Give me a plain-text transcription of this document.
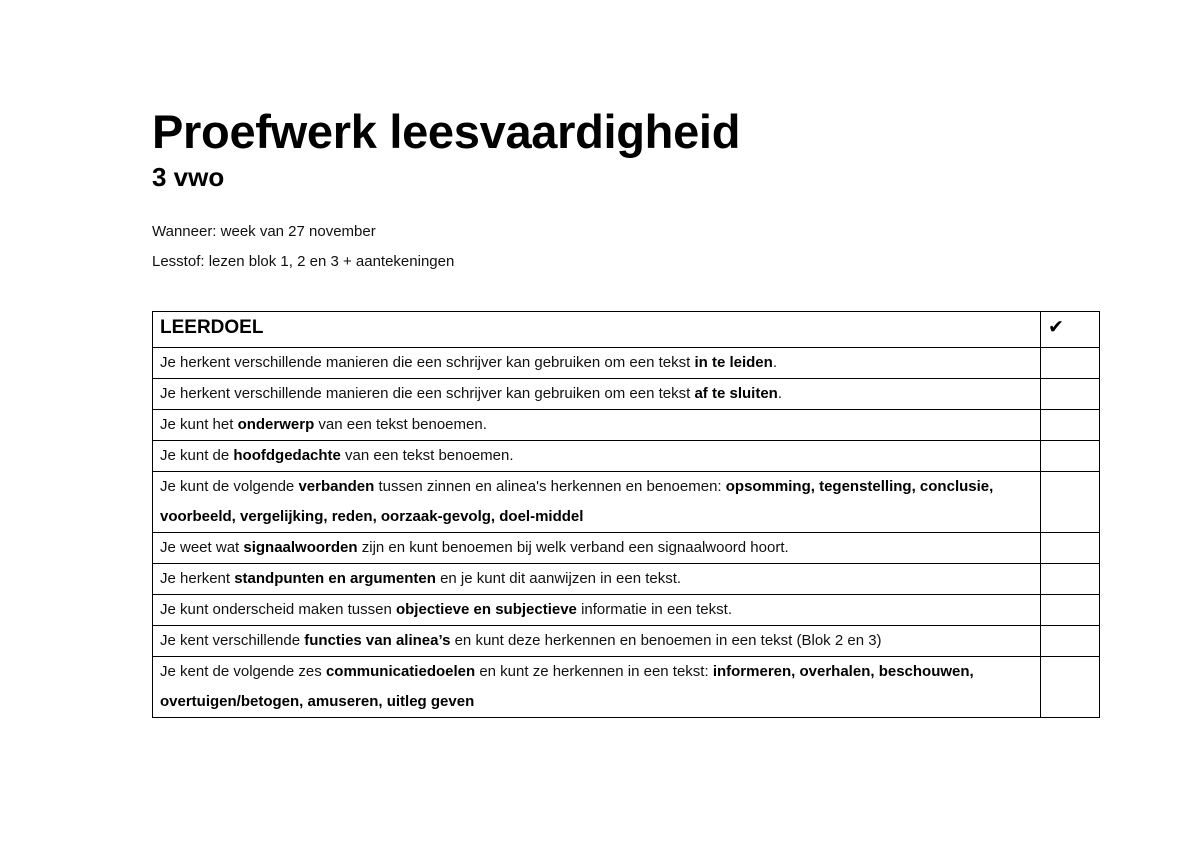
Proefwerk leesvaardigheid
3 vwo
Wanneer: week van 27 november
Lesstof: lezen blok 1, 2 en 3 + aantekeningen
LEERDOEL	✔
Je herkent verschillende manieren die een schrijver kan gebruiken om een tekst in te leiden.	
Je herkent verschillende manieren die een schrijver kan gebruiken om een tekst af te sluiten.	
Je kunt het onderwerp van een tekst benoemen.	
Je kunt de hoofdgedachte van een tekst benoemen.	
Je kunt de volgende verbanden tussen zinnen en alinea's herkennen en benoemen: opsomming, tegenstelling, conclusie, voorbeeld, vergelijking, reden, oorzaak-gevolg, doel-middel	
Je weet wat signaalwoorden zijn en kunt benoemen bij welk verband een signaalwoord hoort.	
Je herkent standpunten en argumenten en je kunt dit aanwijzen in een tekst.	
Je kunt onderscheid maken tussen objectieve en subjectieve informatie in een tekst.	
Je kent verschillende functies van alinea’s en kunt deze herkennen en benoemen in een tekst (Blok 2 en 3)	
Je kent de volgende zes communicatiedoelen en kunt ze herkennen in een tekst: informeren, overhalen, beschouwen, overtuigen/betogen, amuseren, uitleg geven	
